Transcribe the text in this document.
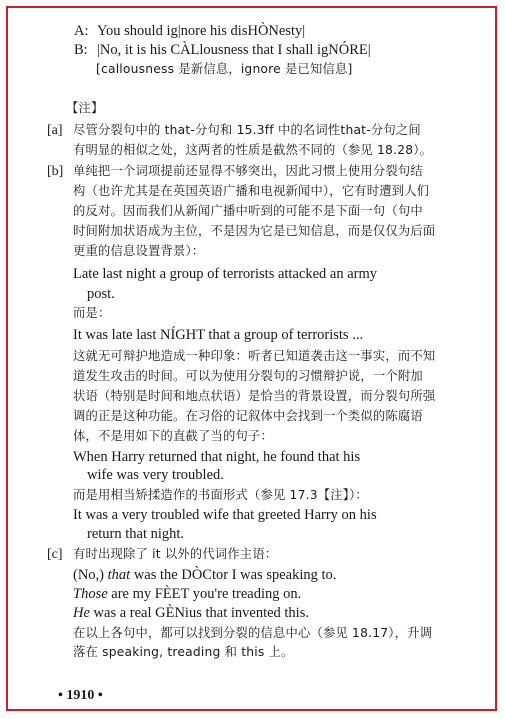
A: You should ig|nore his disHÒNesty|
B: |No, it is his CÀLlousness that I shall igNÓRE|
[callousness 是新信息，ignore 是已知信息]
【注】
[a] 尽管分裂句中的 that-分句和 15.3ff 中的名词性that-分句之间
有明显的相似之处，这两者的性质是截然不同的（参见 18.28）。
[b] 单纯把一个词项提前还显得不够突出，因此习惯上使用分裂句结
构（也许尤其是在英国英语广播和电视新闻中），它有时遭到人们
的反对。因而我们从新闻广播中听到的可能不是下面一句（句中
时间附加状语成为主位，不是因为它是已知信息，而是仅仅为后面
更重的信息设置背景）：
Late last night a group of terrorists attacked an army
post.
而是：
It was late last NÍGHT that a group of terrorists ...
这就无可辩护地造成一种印象：听者已知道袭击这一事实，而不知
道发生攻击的时间。可以为使用分裂句的习惯辩护说，一个附加
状语（特别是时间和地点状语）是恰当的背景设置，而分裂句所强
调的正是这种功能。在习俗的记叙体中会找到一个类似的陈腐语
体，不是用如下的直截了当的句子：
When Harry returned that night, he found that his
wife was very troubled.
而是用相当矫揉造作的书面形式（参见 17.3【注】）：
It was a very troubled wife that greeted Harry on his
return that night.
[c] 有时出现除了 it 以外的代词作主语：
(No,) that was the DÒCtor I was speaking to.
Those are my FÈET you're treading on.
He was a real GÈNius that invented this.
在以上各句中，都可以找到分裂的信息中心（参见 18.17），升调
落在 speaking, treading 和 this 上。
• 1910 •
